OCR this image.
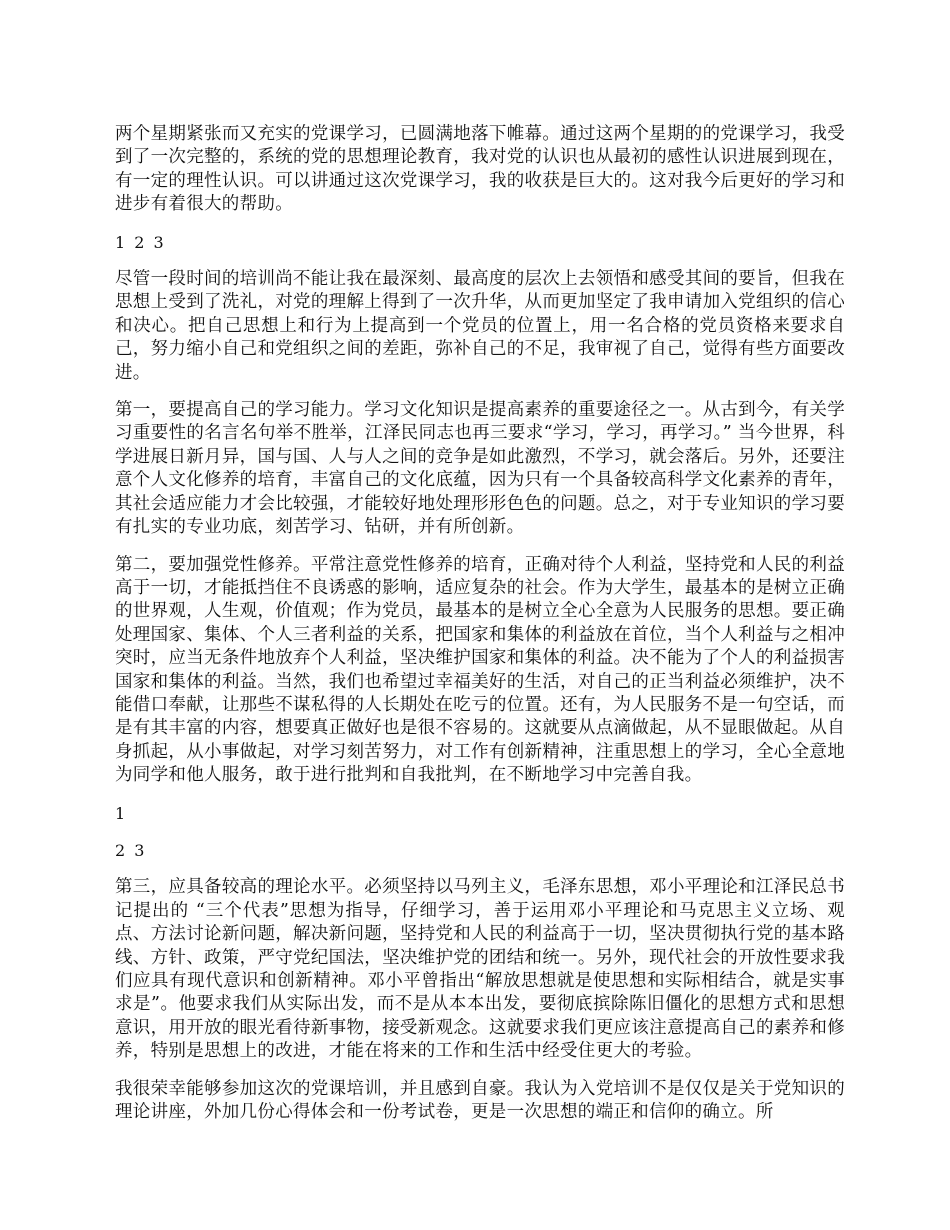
两个星期紧张而又充实的党课学习，已圆满地落下帷幕。通过这两个星期的的党课学习，我受到了一次完整的，系统的党的思想理论教育，我对党的认识也从最初的感性认识进展到现在，有一定的理性认识。可以讲通过这次党课学习，我的收获是巨大的。这对我今后更好的学习和进步有着很大的帮助。

1 2 3

尽管一段时间的培训尚不能让我在最深刻、最高度的层次上去领悟和感受其间的要旨，但我在思想上受到了洗礼，对党的理解上得到了一次升华，从而更加坚定了我申请加入党组织的信心和决心。把自己思想上和行为上提高到一个党员的位置上，用一名合格的党员资格来要求自己，努力缩小自己和党组织之间的差距，弥补自己的不足，我审视了自己，觉得有些方面要改进。

第一，要提高自己的学习能力。学习文化知识是提高素养的重要途径之一。从古到今，有关学习重要性的名言名句举不胜举，江泽民同志也再三要求“学习，学习，再学习。” 当今世界，科学进展日新月异，国与国、人与人之间的竞争是如此激烈，不学习，就会落后。另外，还要注意个人文化修养的培育，丰富自己的文化底蕴，因为只有一个具备较高科学文化素养的青年，其社会适应能力才会比较强，才能较好地处理形形色色的问题。总之，对于专业知识的学习要有扎实的专业功底，刻苦学习、钻研，并有所创新。

第二，要加强党性修养。平常注意党性修养的培育，正确对待个人利益，坚持党和人民的利益高于一切，才能抵挡住不良诱惑的影响，适应复杂的社会。作为大学生，最基本的是树立正确的世界观，人生观，价值观；作为党员，最基本的是树立全心全意为人民服务的思想。要正确处理国家、集体、个人三者利益的关系，把国家和集体的利益放在首位，当个人利益与之相冲突时，应当无条件地放弃个人利益，坚决维护国家和集体的利益。决不能为了个人的利益损害国家和集体的利益。当然，我们也希望过幸福美好的生活，对自己的正当利益必须维护，决不能借口奉献，让那些不谋私得的人长期处在吃亏的位置。还有，为人民服务不是一句空话，而是有其丰富的内容，想要真正做好也是很不容易的。这就要从点滴做起，从不显眼做起。从自身抓起，从小事做起，对学习刻苦努力，对工作有创新精神，注重思想上的学习，全心全意地为同学和他人服务，敢于进行批判和自我批判，在不断地学习中完善自我。

1

2 3

第三，应具备较高的理论水平。必须坚持以马列主义，毛泽东思想，邓小平理论和江泽民总书记提出的 “三个代表”思想为指导，仔细学习，善于运用邓小平理论和马克思主义立场、观点、方法讨论新问题，解决新问题，坚持党和人民的利益高于一切，坚决贯彻执行党的基本路线、方针、政策，严守党纪国法，坚决维护党的团结和统一。另外，现代社会的开放性要求我们应具有现代意识和创新精神。邓小平曾指出“解放思想就是使思想和实际相结合，就是实事求是”。他要求我们从实际出发，而不是从本本出发，要彻底摈除陈旧僵化的思想方式和思想意识，用开放的眼光看待新事物，接受新观念。这就要求我们更应该注意提高自己的素养和修养，特别是思想上的改进，才能在将来的工作和生活中经受住更大的考验。

我很荣幸能够参加这次的党课培训，并且感到自豪。我认为入党培训不是仅仅是关于党知识的理论讲座，外加几份心得体会和一份考试卷，更是一次思想的端正和信仰的确立。所
